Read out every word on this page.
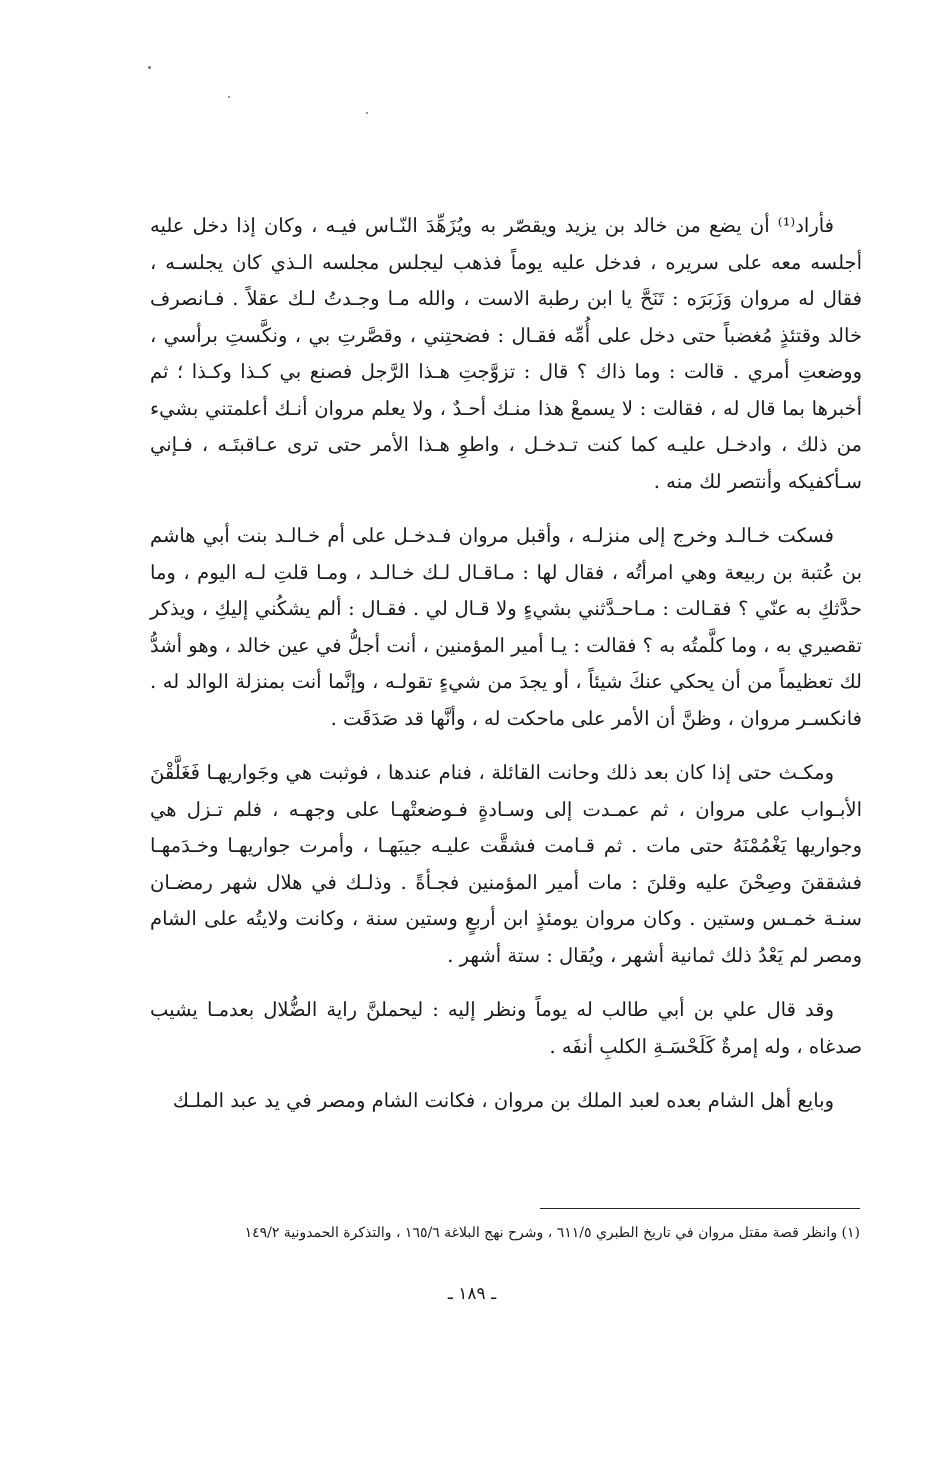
فأراد⁽¹⁾ أن يضع من خالد بن يزيد ويقصّر به ويُزَهِّدَ النّـاس فيـه ، وكان إذا دخل عليه أجلسه معه على سريره ، فدخل عليه يوماً فذهب ليجلس مجلسه الـذي كان يجلسـه ، فقال له مروان وَزَبَرَه : تَنَحَّ يا ابن رطبة الاست ، والله مـا وجـدتُ لـك عقلاً . فـانصرف خالد وقتئذٍ مُغضباً حتى دخل على أُمِّه فقـال : فضحتِني ، وقصَّرتِ بي ، ونكَّستِ برأسي ، ووضعتِ أمري . قالت : وما ذاك ؟ قال : تزوَّجتِ هـذا الرَّجل فصنع بي كـذا وكـذا ؛ ثم أخبرها بما قال له ، فقالت : لا يسمعْ هذا منـك أحـدٌ ، ولا يعلم مروان أنـك أعلمتني بشيء من ذلك ، وادخـل عليـه كما كنت تـدخـل ، واطوِ هـذا الأمر حتى ترى عـاقبتَـه ، فـإني سـأكفيكه وأنتصر لك منه .

فسكت خـالـد وخرج إلى منزلـه ، وأقبل مروان فـدخـل على أم خـالـد بنت أبي هاشم بن عُتبة بن ربيعة وهي امرأتُه ، فقال لها : مـاقـال لـك خـالـد ، ومـا قلتِ لـه اليوم ، وما حدَّثكِ به عنّي ؟ فقـالت : مـاحـدَّثني بشيءٍ ولا قـال لي . فقـال : ألم يشكُني إليكِ ، ويذكر تقصيري به ، وما كلَّمتُه به ؟ فقالت : يـا أمير المؤمنين ، أنت أجلُّ في عين خالد ، وهو أشدُّ لك تعظيماً من أن يحكي عنكَ شيئاً ، أو يجدَ من شيءٍ تقولـه ، وإنَّما أنت بمنزلة الوالد له . فانكسـر مروان ، وظنَّ أن الأمر على ماحكت له ، وأنَّها قد صَدَقَت .

ومكـث حتى إذا كان بعد ذلك وحانت القائلة ، فنام عندها ، فوثبت هي وجَواريهـا فَغَلَّقْنَ الأبـواب على مروان ، ثم عمـدت إلى وسـادةٍ فـوضعتْهـا على وجهـه ، فلم تـزل هي وجواريها يَغْمُمْنَهُ حتى مات . ثم قـامت فشقَّت عليـه جيبَهـا ، وأمرت جواريهـا وخـدَمهـا فشققنَ وصِحْنَ عليه وقلنَ : مات أمير المؤمنين فجـأةً . وذلـك في هلال شهر رمضـان سنـة خمـس وستين . وكان مروان يومئذٍ ابن أربعٍ وستين سنة ، وكانت ولايتُه على الشام ومصر لم يَعْدُ ذلك ثمانية أشهر ، ويُقال : ستة أشهر .

وقد قال علي بن أبي طالب له يوماً ونظر إليه : ليحملنَّ راية الضُّلال بعدمـا يشيب صدغاه ، وله إمرةٌ كَلَحْسَـةِ الكلبِ أنفَه .

وبايع أهل الشام بعده لعبد الملك بن مروان ، فكانت الشام ومصر في يد عبد الملـك

(١) وانظر قصة مقتل مروان في تاريخ الطبري ٦١١/٥ ، وشرح نهج البلاغة ١٦٥/٦ ، والتذكرة الحمدونية ١٤٩/٢
ـ ١٨٩ ـ
